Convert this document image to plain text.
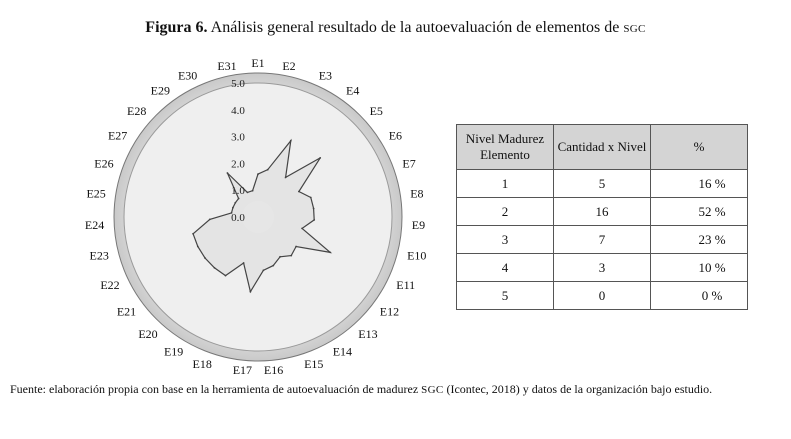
Figura 6. Análisis general resultado de la autoevaluación de elementos de SGC
0.0
1.0
2.0
3.0
4.0
5.0
E1 E2
E3
E4
E5
E6
E7
E8
E9
E10
E11
E12
E13
E14
E15
E16
E17
E18
E19
E20
E21
E22
E23
E24
E25
E26
E27
E28
E29
E30
E31
Nivel Madurez Elemento	Cantidad x Nivel	%
1	5	16 %
2	16	52 %
3	7	23 %
4	3	10 %
5	0	0 %
Fuente: elaboración propia con base en la herramienta de autoevaluación de madurez SGC (Icontec, 2018) y datos de la organización bajo estudio.
